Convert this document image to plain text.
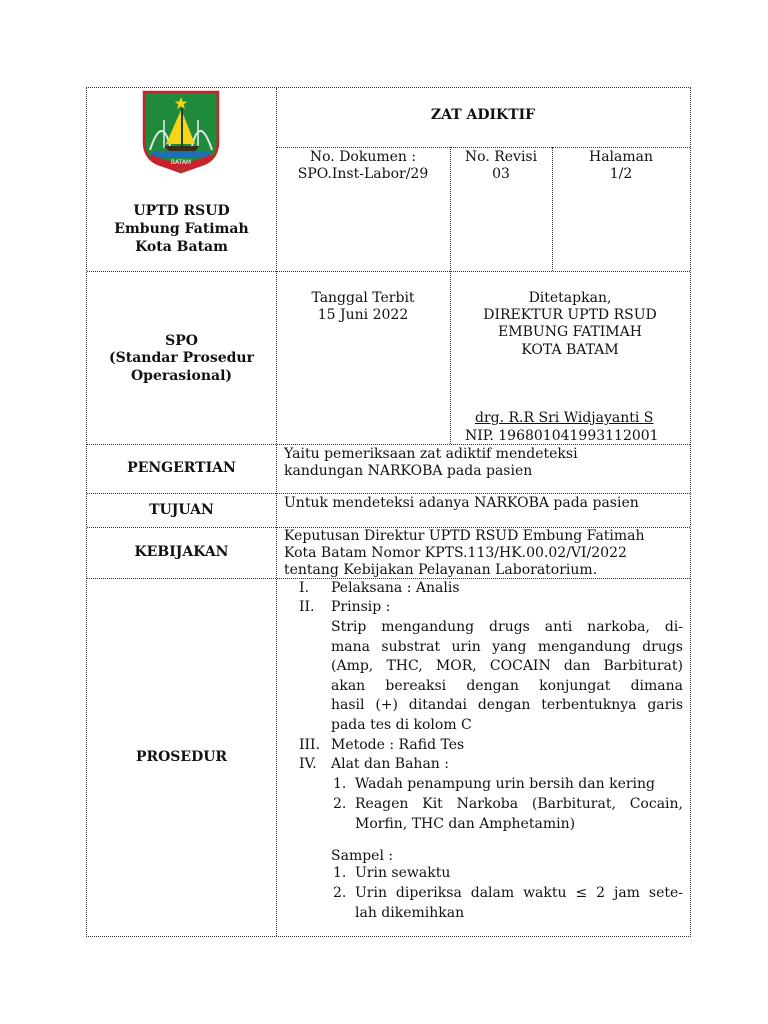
BATAM
UPTD RSUD
Embung Fatimah
Kota Batam
ZAT ADIKTIF
No. Dokumen :
SPO.Inst-Labor/29
No. Revisi
03
Halaman
1/2
SPO
(Standar Prosedur
Operasional)
Tanggal Terbit
15 Juni 2022
Ditetapkan,
DIREKTUR UPTD RSUD
EMBUNG FATIMAH
KOTA BATAM
drg. R.R Sri Widjayanti S
NIP. 196801041993112001
PENGERTIAN
Yaitu pemeriksaan zat adiktif mendeteksi
kandungan NARKOBA pada pasien
TUJUAN	Untuk mendeteksi adanya NARKOBA pada pasien
KEBIJAKAN
Keputusan Direktur UPTD RSUD Embung Fatimah
Kota Batam Nomor KPTS.113/HK.00.02/VI/2022
tentang Kebijakan Pelayanan Laboratorium.
PROSEDUR
I. Pelaksana : Analis
II. Prinsip :
Strip mengandung drugs anti narkoba, di-
mana substrat urin yang mengandung drugs
(Amp, THC, MOR, COCAIN dan Barbiturat)
akan bereaksi dengan konjungat dimana
hasil (+) ditandai dengan terbentuknya garis
pada tes di kolom C
III. Metode : Rafid Tes
IV. Alat dan Bahan :
1. Wadah penampung urin bersih dan kering
2. Reagen Kit Narkoba (Barbiturat, Cocain,
Morfin, THC dan Amphetamin)
Sampel :
1. Urin sewaktu
2. Urin diperiksa dalam waktu ≤ 2 jam sete-
lah dikemihkan
